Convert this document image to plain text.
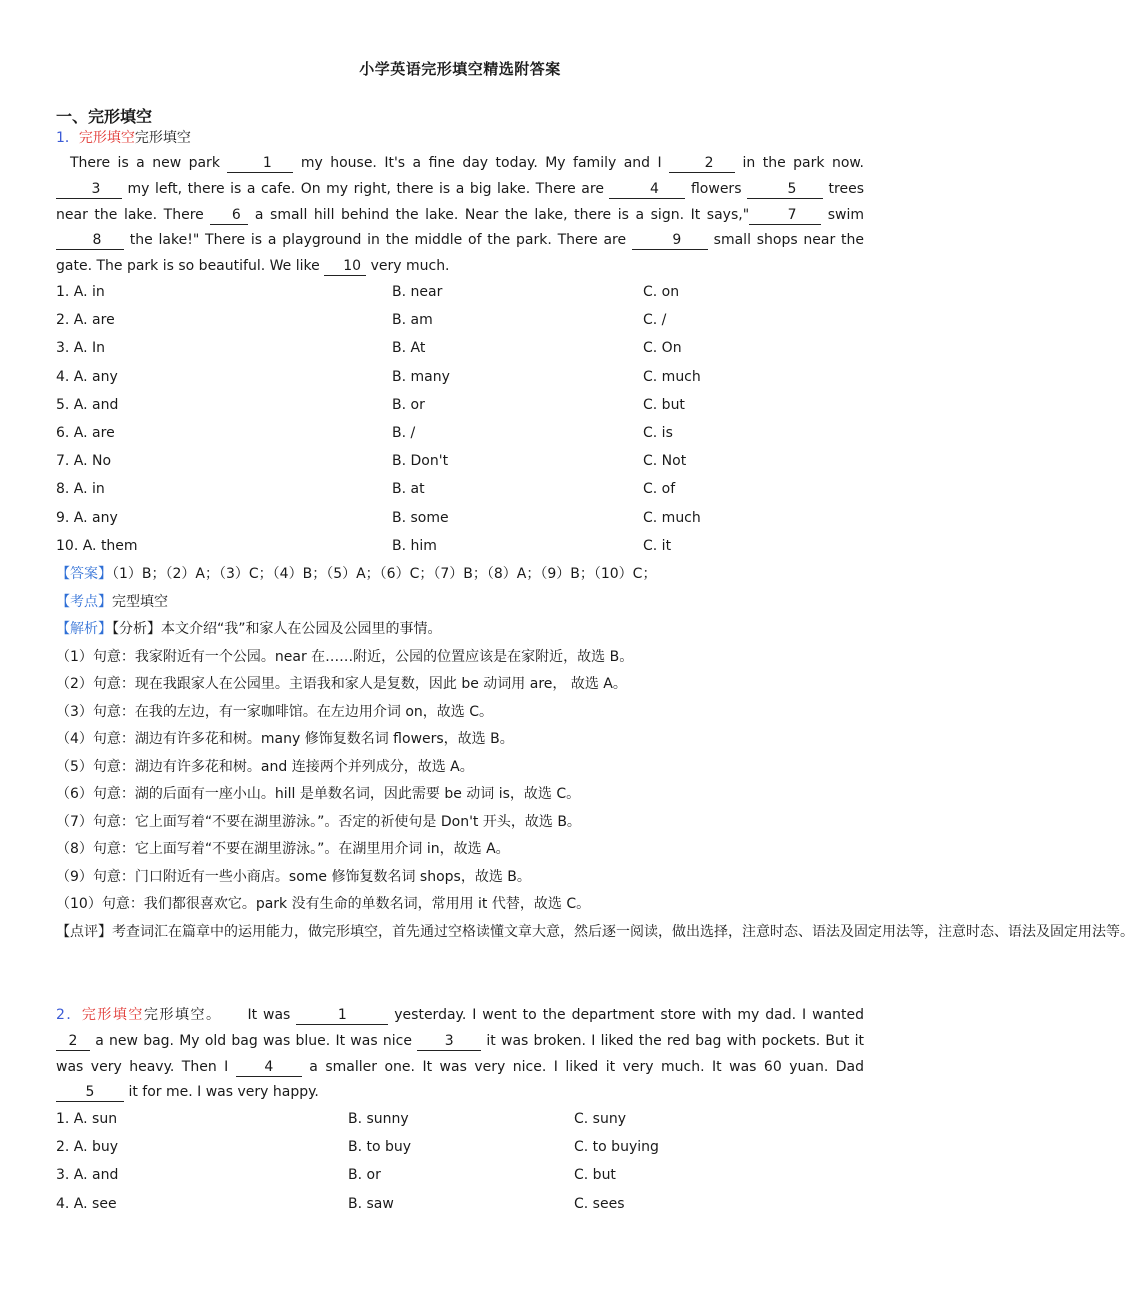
小学英语完形填空精选附答案
一、完形填空
1．完形填空完形填空
There is a new park	1 my house. It's a fine day today. My family and I	2 in the park now. 3 my left, there is a cafe. On my right, there is a big lake. There are	4 flowers	5 trees near the lake. There 6 a small hill behind the lake. Near the lake, there is a sign. It says,"	7 swim 8 the lake!" There is a playground in the middle of the park. There are	9 small shops near the gate. The park is so beautiful. We like 10 very much.
1. A. in	B. near	C. on
2. A. are	B. am	C. /
3. A. In	B. At	C. On
4. A. any	B. many	C. much
5. A. and	B. or	C. but
6. A. are	B. /	C. is
7. A. No	B. Don't	C. Not
8. A. in	B. at	C. of
9. A. any	B. some	C. much
10. A. them	B. him	C. it
【答案】（1）B；（2）A；（3）C；（4）B；（5）A；（6）C；（7）B；（8）A；（9）B；（10）C；
【考点】完型填空
【解析】【分析】本文介绍“我”和家人在公园及公园里的事情。
（1）句意：我家附近有一个公园。near 在……附近，公园的位置应该是在家附近，故选 B。
（2）句意：现在我跟家人在公园里。主语我和家人是复数，因此 be 动词用 are， 故选 A。
（3）句意：在我的左边，有一家咖啡馆。在左边用介词 on，故选 C。
（4）句意：湖边有许多花和树。many 修饰复数名词 flowers，故选 B。
（5）句意：湖边有许多花和树。and 连接两个并列成分，故选 A。
（6）句意：湖的后面有一座小山。hill 是单数名词，因此需要 be 动词 is，故选 C。
（7）句意：它上面写着“不要在湖里游泳。”。否定的祈使句是 Don't 开头，故选 B。
（8）句意：它上面写着“不要在湖里游泳。”。在湖里用介词 in，故选 A。
（9）句意：门口附近有一些小商店。some 修饰复数名词 shops，故选 B。
（10）句意：我们都很喜欢它。park 没有生命的单数名词，常用用 it 代替，故选 C。
【点评】考查词汇在篇章中的运用能力，做完形填空，首先通过空格读懂文章大意，然后逐一阅读，做出选择，注意时态、语法及固定用法等，注意时态、语法及固定用法等。
2．完形填空完形填空。 It was	1	yesterday. I went to the department store with my dad. I wanted 2 a new bag. My old bag was blue. It was nice 3 it was broken. I liked the red bag with pockets. But it was very heavy. Then I 4 a smaller one. It was very nice. I liked it very much. It was 60 yuan. Dad 5 it for me. I was very happy.
1. A. sun	B. sunny	C. suny
2. A. buy	B. to buy	C. to buying
3. A. and	B. or	C. but
4. A. see	B. saw	C. sees
